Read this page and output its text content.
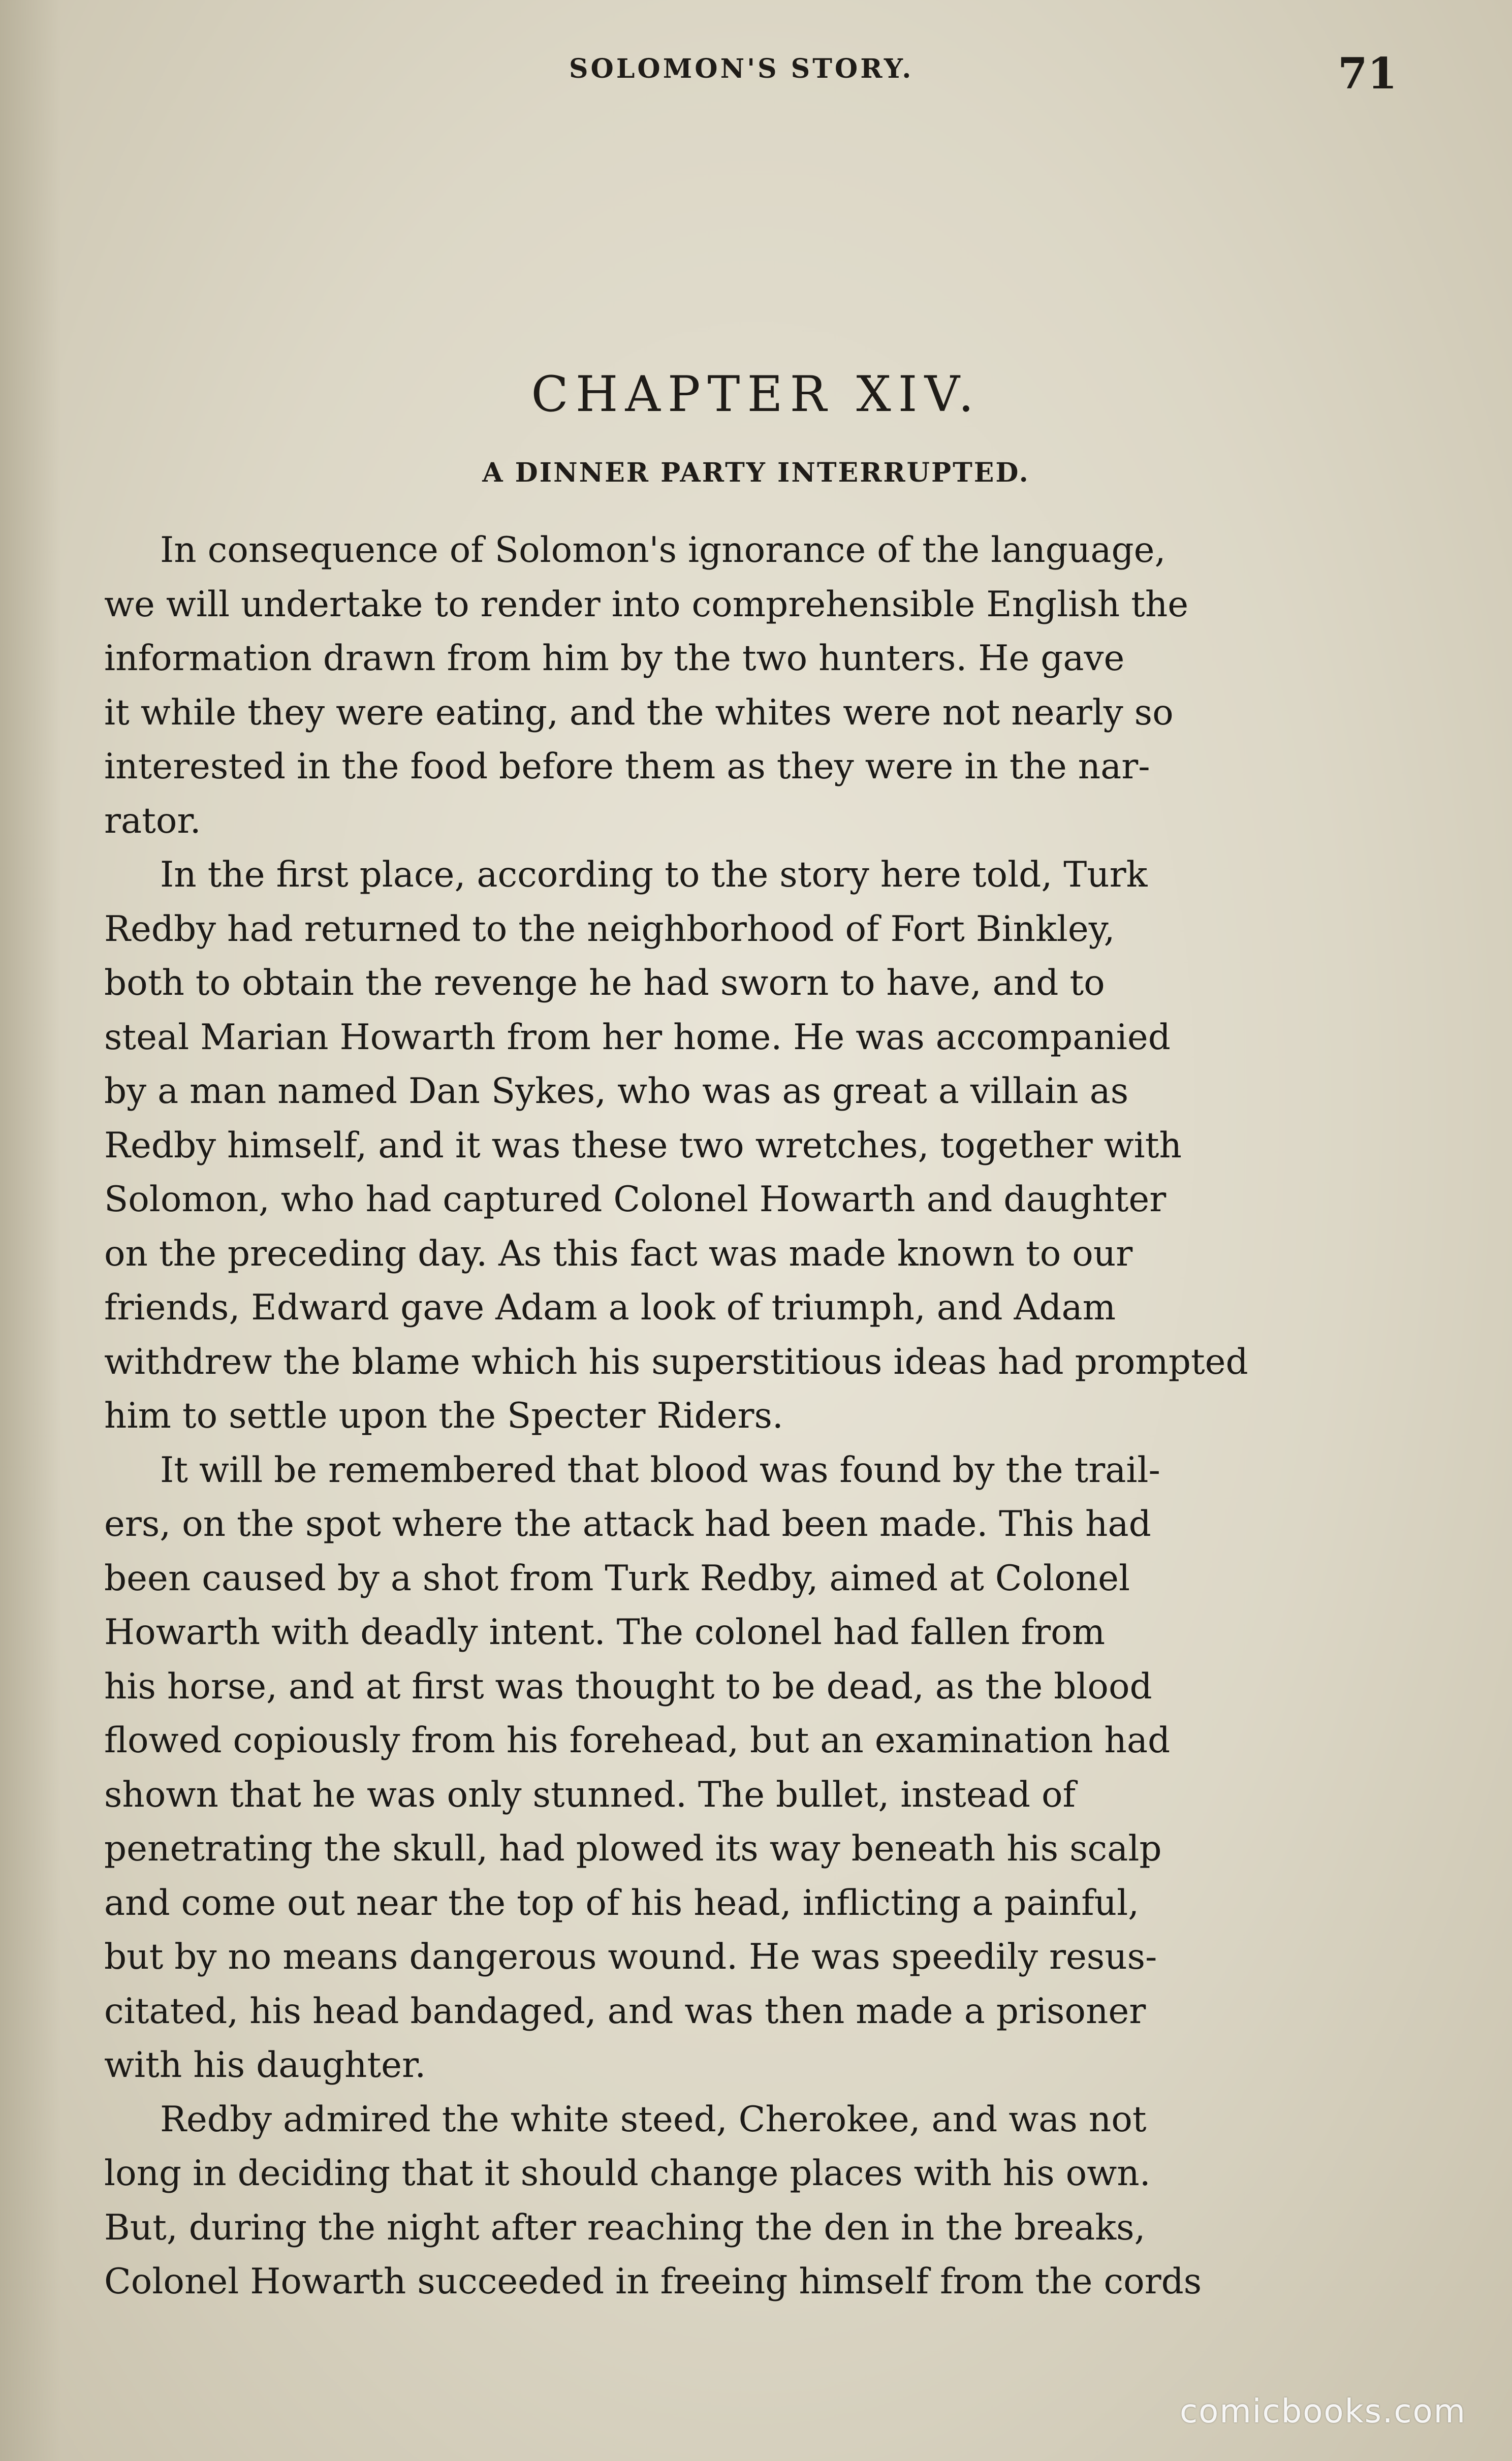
SOLOMON'S STORY.	71
CHAPTER XIV.
A DINNER PARTY INTERRUPTED.

In consequence of Solomon's ignorance of the language,
we will undertake to render into comprehensible English the
information drawn from him by the two hunters. He gave
it while they were eating, and the whites were not nearly so
interested in the food before them as they were in the nar-
rator.

In the first place, according to the story here told, Turk
Redby had returned to the neighborhood of Fort Binkley,
both to obtain the revenge he had sworn to have, and to
steal Marian Howarth from her home. He was accompanied
by a man named Dan Sykes, who was as great a villain as
Redby himself, and it was these two wretches, together with
Solomon, who had captured Colonel Howarth and daughter
on the preceding day. As this fact was made known to our
friends, Edward gave Adam a look of triumph, and Adam
withdrew the blame which his superstitious ideas had prompted
him to settle upon the Specter Riders.

It will be remembered that blood was found by the trail-
ers, on the spot where the attack had been made. This had
been caused by a shot from Turk Redby, aimed at Colonel
Howarth with deadly intent. The colonel had fallen from
his horse, and at first was thought to be dead, as the blood
flowed copiously from his forehead, but an examination had
shown that he was only stunned. The bullet, instead of
penetrating the skull, had plowed its way beneath his scalp
and come out near the top of his head, inflicting a painful,
but by no means dangerous wound. He was speedily resus-
citated, his head bandaged, and was then made a prisoner
with his daughter.

Redby admired the white steed, Cherokee, and was not
long in deciding that it should change places with his own.
But, during the night after reaching the den in the breaks,
Colonel Howarth succeeded in freeing himself from the cords

comicbooks.com
